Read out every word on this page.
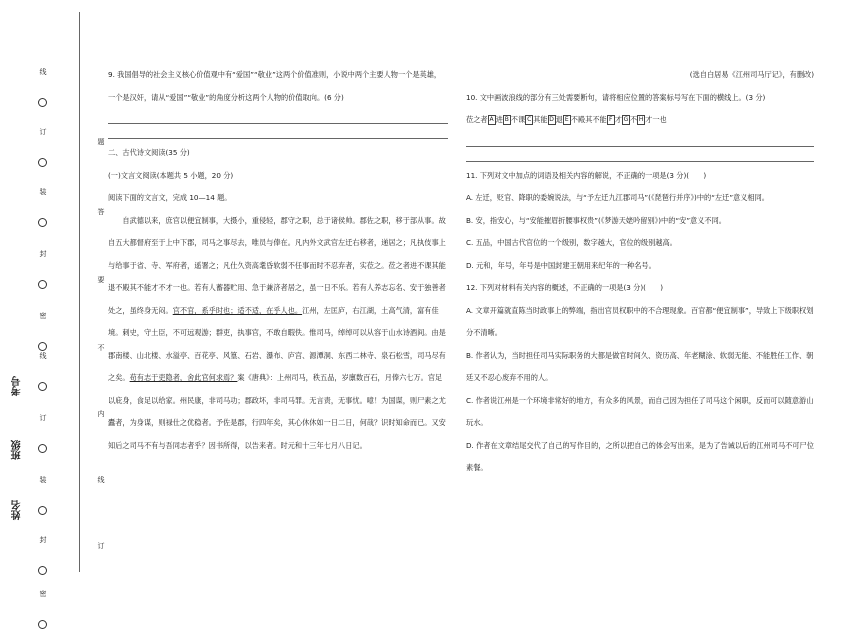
线
订
装
封
密
线
订
装
封
密
题
答
要
不
内
线
订
考号
班级
姓名

9. 我国倡导的社会主义核心价值观中有“爱国”“敬业”这两个价值准则，小说中两个主要人物一个是英雄，一个是汉奸，请从“爱国”“敬业”的角度分析这两个人物的价值取向。(6 分)

二、古代诗文阅读(35 分)

(一)文言文阅读(本题共 5 小题，20 分)

阅读下面的文言文，完成 10—14 题。

自武德以来，庶官以便宜制事，大摄小，重侵轻，郡守之职，总于诸侯帅。郡佐之职，移于部从事。故自五大都督府至于上中下郡，司马之事尽去，唯员与俸在。凡内外文武官左迁右移者，递居之；凡执伎事上与给事于省、寺、军府者，遥署之；凡仕久资高耄昏软弱不任事而时不忍弃者，实莅之。莅之者进不课其能退不殿其不能才不才一也。若有人蓄器贮用、急于兼济者居之，虽一日不乐。若有人养志忘名、安于独善者处之，虽终身无闷。官不官，系乎时也；适不适，在乎人也。江州，左匡庐，右江湖，土高气清，富有佳境。刺史，守土臣，不可远观游；群吏，执事官，不敢自暇佚。惟司马，绰绰可以从容于山水诗酒间。由是郡南楼、山北楼、水溢亭、百花亭、风篁、石岩、瀑布、庐宫、源潭洞、东西二林寺、泉石松雪，司马尽有之矣。苟有志于吏隐者，舍此官何求焉？案《唐典》：上州司马，秩五品，岁廪数百石，月俸六七万。官足以庇身，食足以给家。州民康，非司马功；郡政坏，非司马罪。无言责，无事忧。噫！为国谋，则尸素之尤蠹者，为身谋，则禄仕之优稳者。予佐是郡，行四年矣，其心休休如一日二日，何哉？识时知命而已。又安知后之司马不有与吾同志者乎？因书所得，以告来者。时元和十三年七月八日记。

(选自白居易《江州司马厅记》，有删改)

10. 文中画波浪线的部分有三处需要断句，请将相应位置的答案标号写在下面的横线上。(3 分)

莅之者 A 进 B 不课 C 其能 D 退 E 不殿其不能 F 才 G 不 H 才一也

11. 下列对文中加点的词语及相关内容的解说，不正确的一项是(3 分)(　　)

A. 左迁，贬官、降职的委婉说法，与“予左迁九江郡司马”(《琵琶行并序》)中的“左迁”意义相同。

B. 安，指安心，与“安能摧眉折腰事权贵”(《梦游天姥吟留别》)中的“安”意义不同。

C. 五品，中国古代官位的一个级别，数字越大，官位的级别越高。

D. 元和，年号，年号是中国封建王朝用来纪年的一种名号。

12. 下列对材料有关内容的概述，不正确的一项是(3 分)(　　)

A. 文章开篇就直陈当时政事上的弊端，指出官员权职中的不合理现象。百官都“便宜制事”，导致上下级职权划分不清晰。

B. 作者认为，当时担任司马实际职务的大都是做官时间久、资历高、年老糊涂、软弱无能、不能胜任工作、朝廷又不忍心废弃不用的人。

C. 作者说江州是一个环境非常好的地方，有众多的风景，而自己因为担任了司马这个闲职，反而可以随意游山玩水。

D. 作者在文章结尾交代了自己的写作目的，之所以把自己的体会写出来，是为了告诫以后的江州司马不可尸位素餐。
